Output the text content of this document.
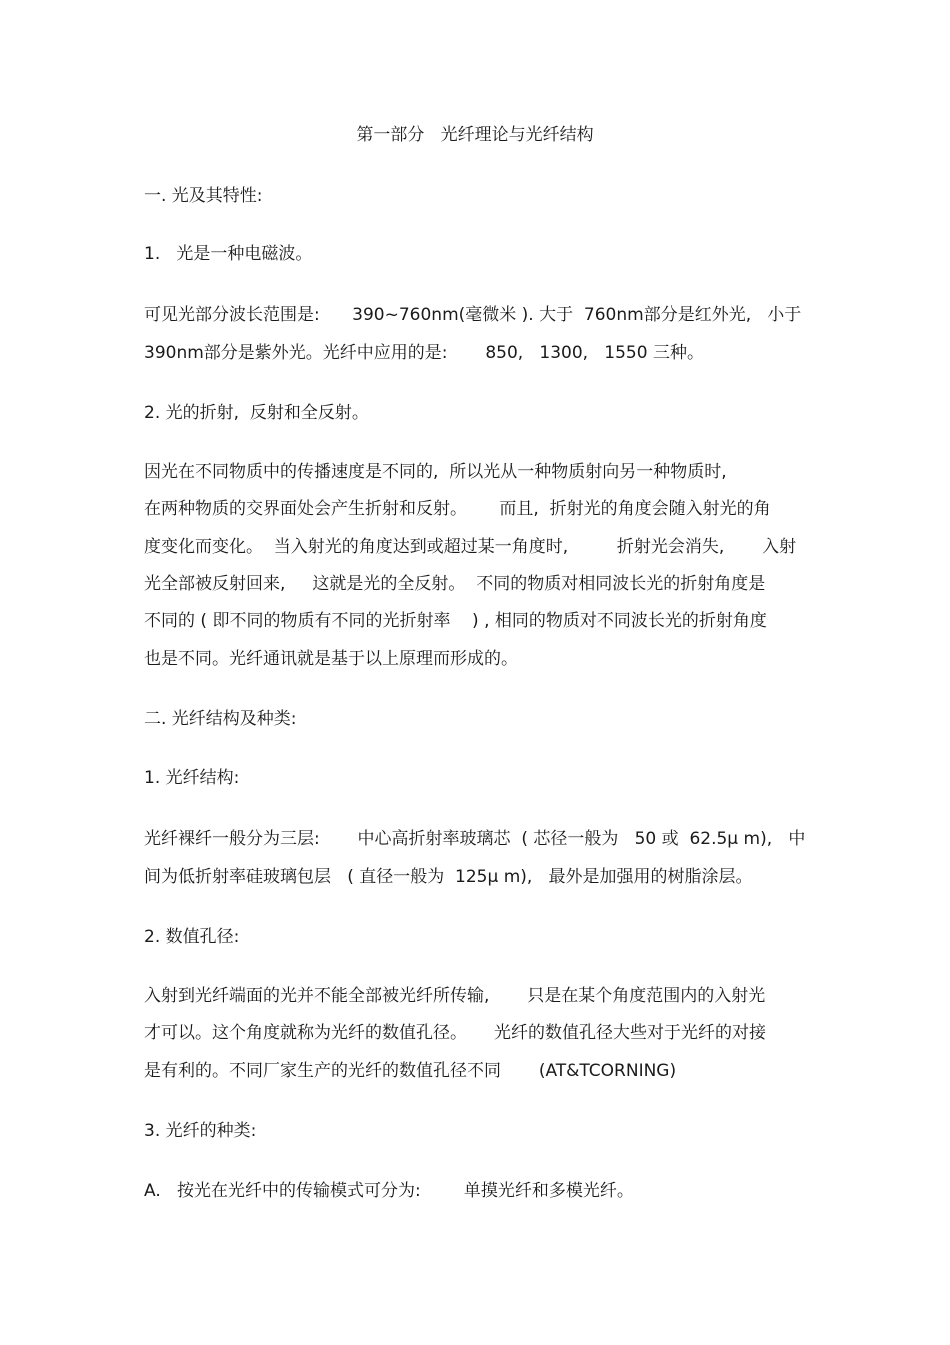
第一部分   光纤理论与光纤结构
一. 光及其特性:
1.   光是一种电磁波。
可见光部分波长范围是:      390~760nm(毫微米 ). 大于  760nm部分是红外光,   小于
390nm部分是紫外光。光纤中应用的是:       850,   1300,   1550 三种。
2. 光的折射,  反射和全反射。
因光在不同物质中的传播速度是不同的,  所以光从一种物质射向另一种物质时,
在两种物质的交界面处会产生折射和反射。      而且,  折射光的角度会随入射光的角
度变化而变化。  当入射光的角度达到或超过某一角度时,         折射光会消失,       入射
光全部被反射回来,     这就是光的全反射。  不同的物质对相同波长光的折射角度是
不同的 ( 即不同的物质有不同的光折射率    ) , 相同的物质对不同波长光的折射角度
也是不同。光纤通讯就是基于以上原理而形成的。
二. 光纤结构及种类:
1. 光纤结构:
光纤裸纤一般分为三层:       中心高折射率玻璃芯  ( 芯径一般为   50 或  62.5μ m),   中
间为低折射率硅玻璃包层   ( 直径一般为  125μ m),   最外是加强用的树脂涂层。
2. 数值孔径:
入射到光纤端面的光并不能全部被光纤所传输,       只是在某个角度范围内的入射光
才可以。这个角度就称为光纤的数值孔径。     光纤的数值孔径大些对于光纤的对接
是有利的。不同厂家生产的光纤的数值孔径不同       (AT&TCORNING)
3. 光纤的种类:
A.   按光在光纤中的传输模式可分为:        单摸光纤和多模光纤。
